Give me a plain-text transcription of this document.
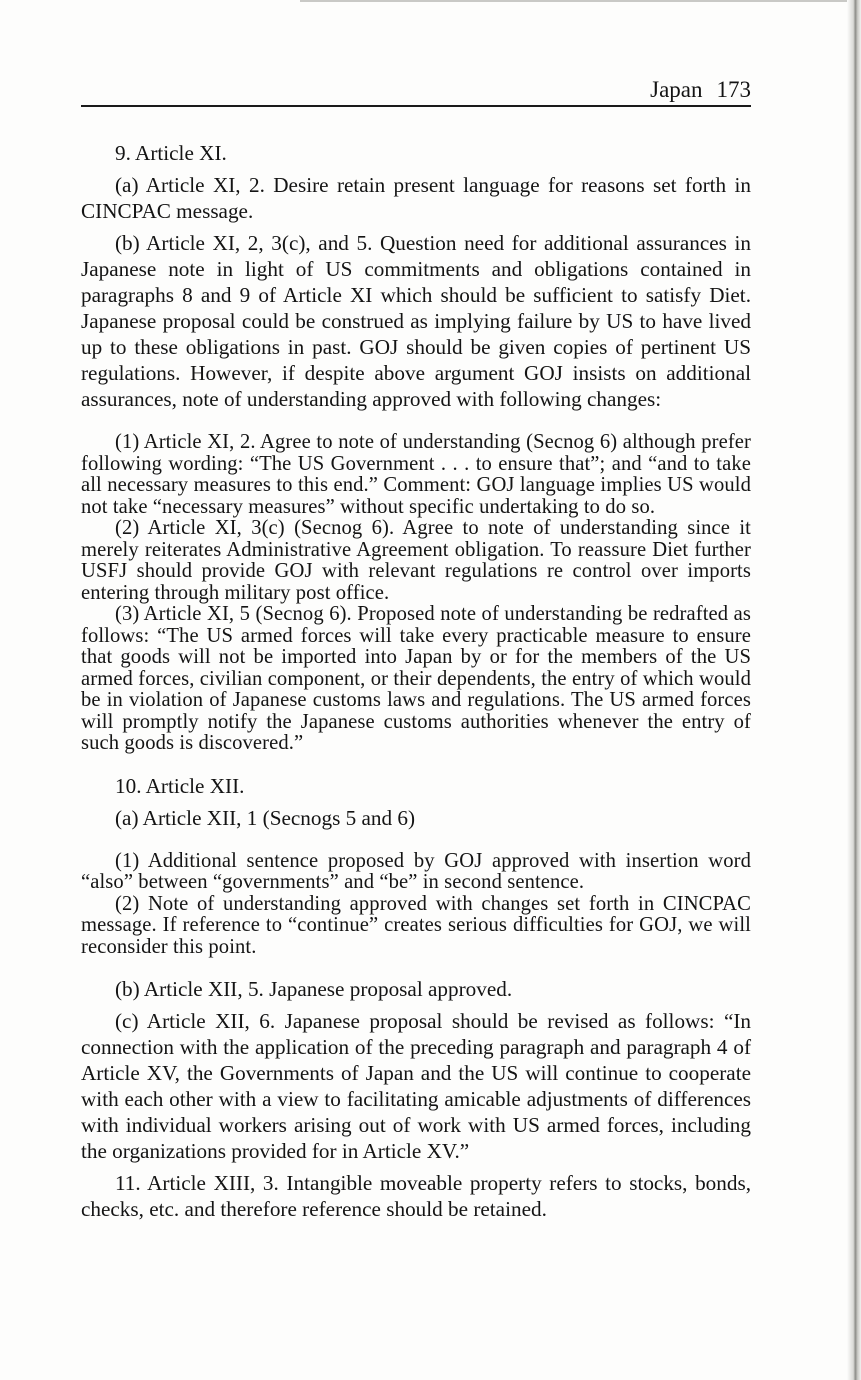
Japan 173

9. Article XI.

(a) Article XI, 2. Desire retain present language for reasons set forth in CINCPAC message.

(b) Article XI, 2, 3(c), and 5. Question need for additional assurances in Japanese note in light of US commitments and obligations contained in paragraphs 8 and 9 of Article XI which should be sufficient to satisfy Diet. Japanese proposal could be construed as implying failure by US to have lived up to these obligations in past. GOJ should be given copies of pertinent US regulations. However, if despite above argument GOJ insists on additional assurances, note of understanding approved with following changes:

(1) Article XI, 2. Agree to note of understanding (Secnog 6) although prefer following wording: “The US Government . . . to ensure that”; and “and to take all necessary measures to this end.” Comment: GOJ language implies US would not take “necessary measures” without specific undertaking to do so.

(2) Article XI, 3(c) (Secnog 6). Agree to note of understanding since it merely reiterates Administrative Agreement obligation. To reassure Diet further USFJ should provide GOJ with relevant regulations re control over imports entering through military post office.

(3) Article XI, 5 (Secnog 6). Proposed note of understanding be redrafted as follows: “The US armed forces will take every practicable measure to ensure that goods will not be imported into Japan by or for the members of the US armed forces, civilian component, or their dependents, the entry of which would be in violation of Japanese customs laws and regulations. The US armed forces will promptly notify the Japanese customs authorities whenever the entry of such goods is discovered.”

10. Article XII.

(a) Article XII, 1 (Secnogs 5 and 6)

(1) Additional sentence proposed by GOJ approved with insertion word “also” between “governments” and “be” in second sentence.

(2) Note of understanding approved with changes set forth in CINCPAC message. If reference to “continue” creates serious difficulties for GOJ, we will reconsider this point.

(b) Article XII, 5. Japanese proposal approved.

(c) Article XII, 6. Japanese proposal should be revised as follows: “In connection with the application of the preceding paragraph and paragraph 4 of Article XV, the Governments of Japan and the US will continue to cooperate with each other with a view to facilitating amicable adjustments of differences with individual workers arising out of work with US armed forces, including the organizations provided for in Article XV.”

11. Article XIII, 3. Intangible moveable property refers to stocks, bonds, checks, etc. and therefore reference should be retained.
